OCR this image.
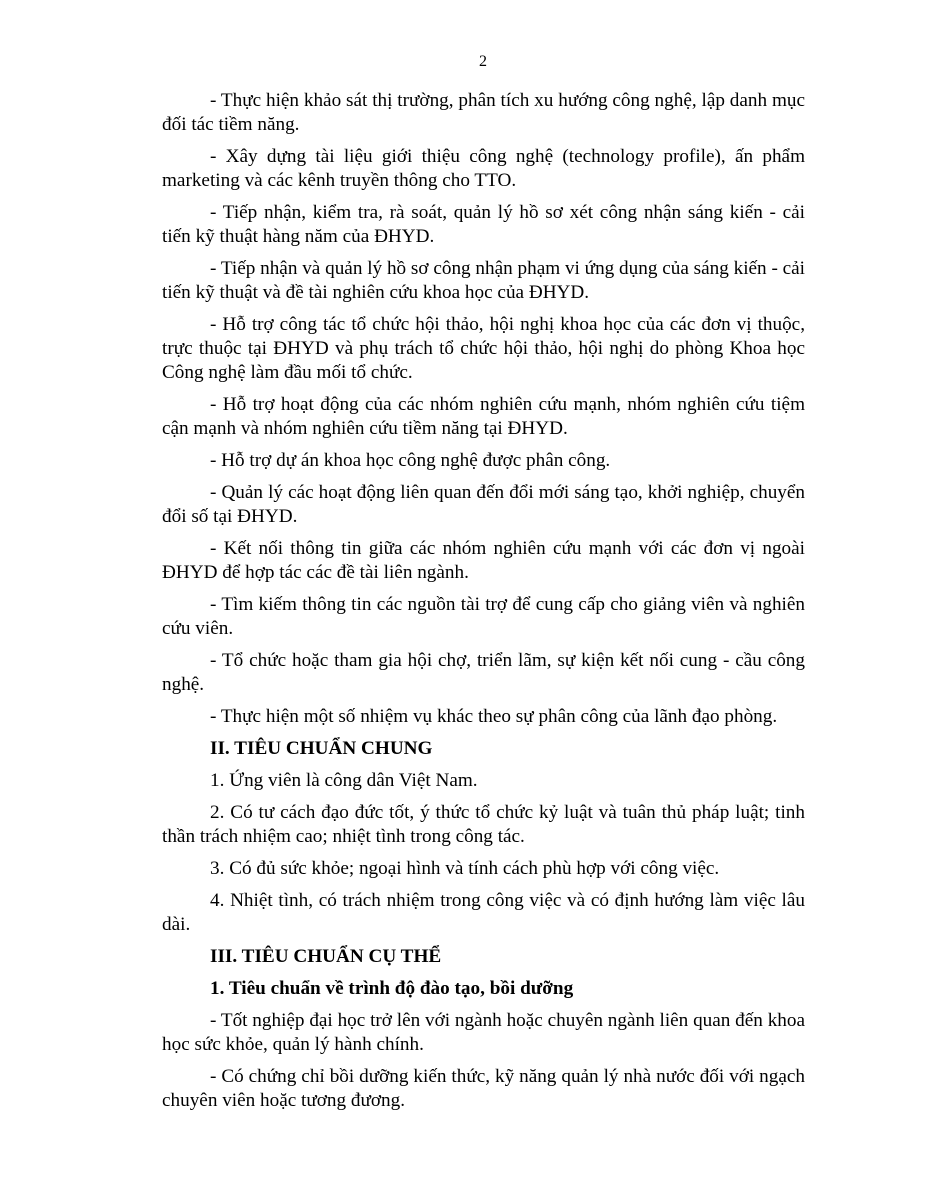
2

- Thực hiện khảo sát thị trường, phân tích xu hướng công nghệ, lập danh mục đối tác tiềm năng.

- Xây dựng tài liệu giới thiệu công nghệ (technology profile), ấn phẩm marketing và các kênh truyền thông cho TTO.

- Tiếp nhận, kiểm tra, rà soát, quản lý hồ sơ xét công nhận sáng kiến - cải tiến kỹ thuật hàng năm của ĐHYD.

- Tiếp nhận và quản lý hồ sơ công nhận phạm vi ứng dụng của sáng kiến - cải tiến kỹ thuật và đề tài nghiên cứu khoa học của ĐHYD.

- Hỗ trợ công tác tổ chức hội thảo, hội nghị khoa học của các đơn vị thuộc, trực thuộc tại ĐHYD và phụ trách tổ chức hội thảo, hội nghị do phòng Khoa học Công nghệ làm đầu mối tổ chức.

- Hỗ trợ hoạt động của các nhóm nghiên cứu mạnh, nhóm nghiên cứu tiệm cận mạnh và nhóm nghiên cứu tiềm năng tại ĐHYD.

- Hỗ trợ dự án khoa học công nghệ được phân công.

- Quản lý các hoạt động liên quan đến đổi mới sáng tạo, khởi nghiệp, chuyển đổi số tại ĐHYD.

- Kết nối thông tin giữa các nhóm nghiên cứu mạnh với các đơn vị ngoài ĐHYD để hợp tác các đề tài liên ngành.

- Tìm kiếm thông tin các nguồn tài trợ để cung cấp cho giảng viên và nghiên cứu viên.

- Tổ chức hoặc tham gia hội chợ, triển lãm, sự kiện kết nối cung - cầu công nghệ.

- Thực hiện một số nhiệm vụ khác theo sự phân công của lãnh đạo phòng.

II. TIÊU CHUẨN CHUNG

1. Ứng viên là công dân Việt Nam.

2. Có tư cách đạo đức tốt, ý thức tổ chức kỷ luật và tuân thủ pháp luật; tinh thần trách nhiệm cao; nhiệt tình trong công tác.

3. Có đủ sức khỏe; ngoại hình và tính cách phù hợp với công việc.

4. Nhiệt tình, có trách nhiệm trong công việc và có định hướng làm việc lâu dài.

III. TIÊU CHUẨN CỤ THỂ

1. Tiêu chuẩn về trình độ đào tạo, bồi dưỡng

- Tốt nghiệp đại học trở lên với ngành hoặc chuyên ngành liên quan đến khoa học sức khỏe, quản lý hành chính.

- Có chứng chỉ bồi dưỡng kiến thức, kỹ năng quản lý nhà nước đối với ngạch chuyên viên hoặc tương đương.
